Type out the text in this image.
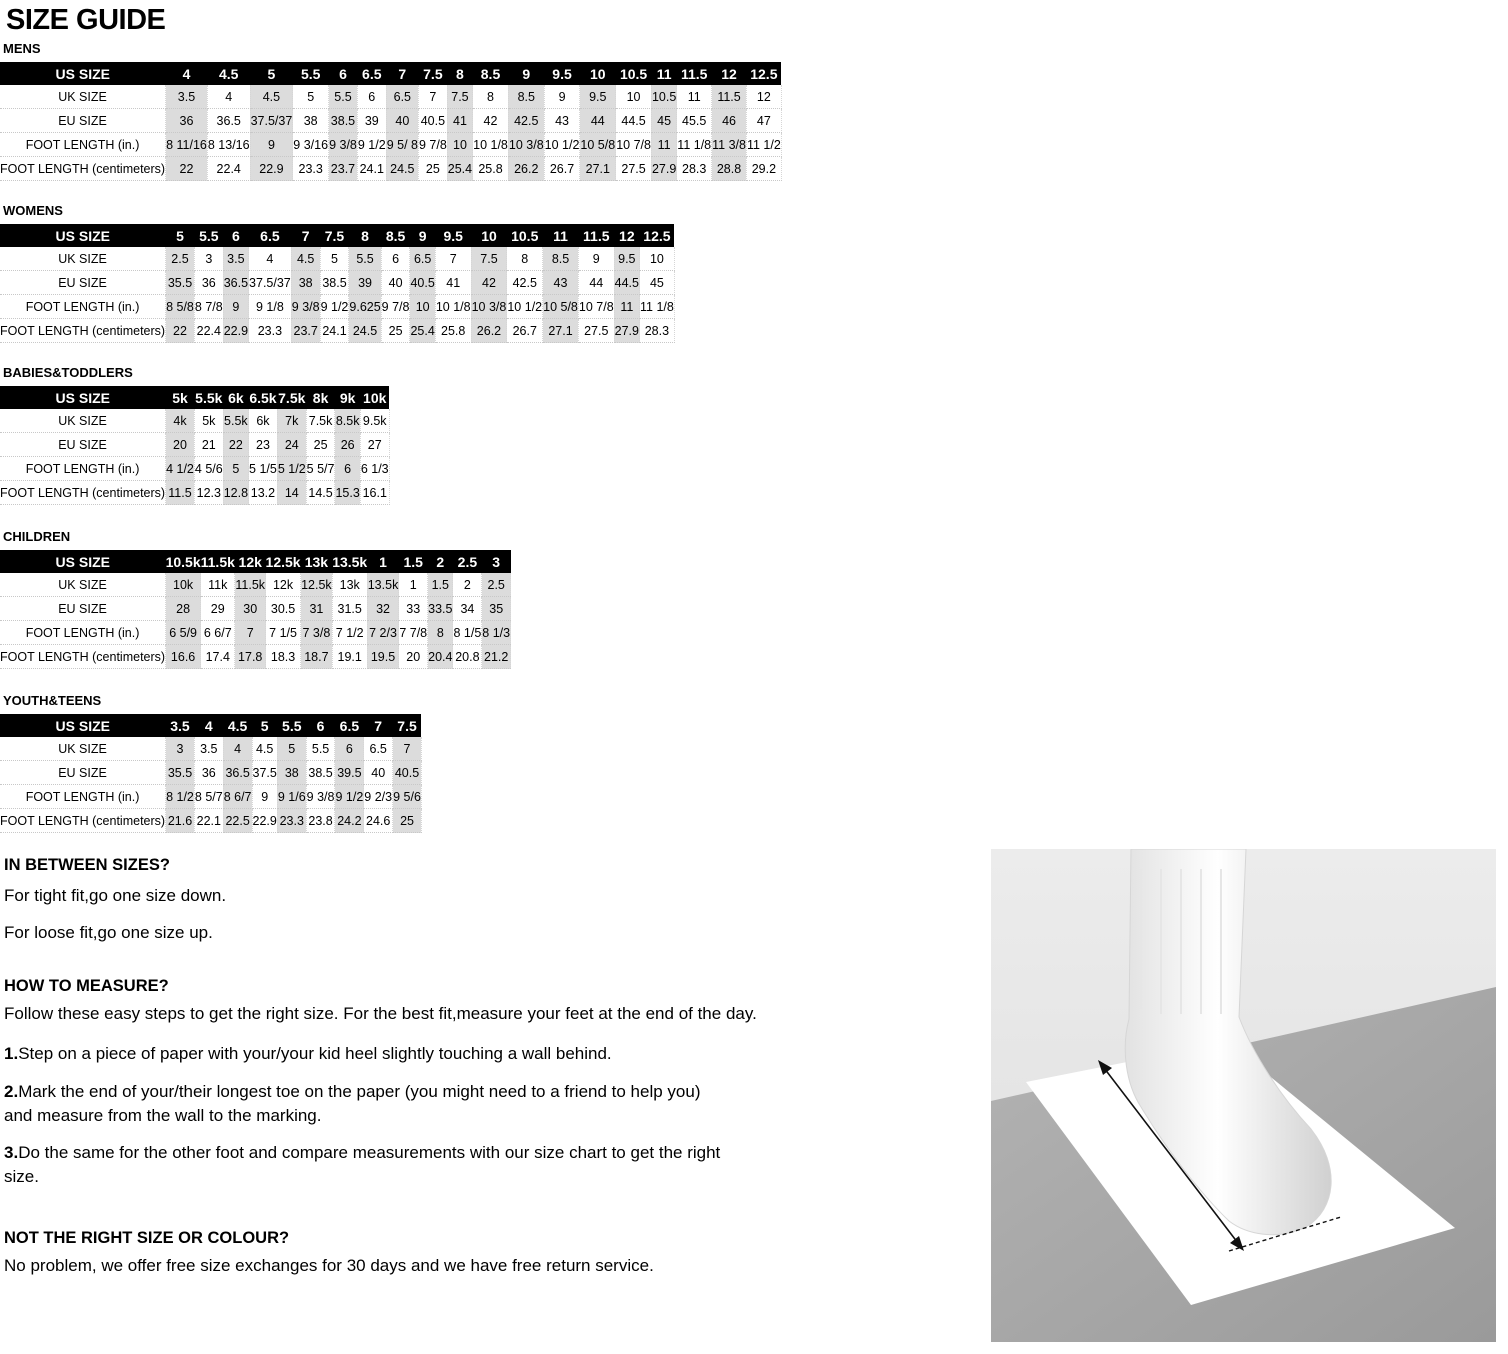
SIZE GUIDE
MENS
US SIZE	4	4.5	5	5.5	6	6.5	7	7.5	8	8.5	9	9.5	10	10.5	11	11.5	12	12.5
UK SIZE	3.5	4	4.5	5	5.5	6	6.5	7	7.5	8	8.5	9	9.5	10	10.5	11	11.5	12
EU SIZE	36	36.5	37.5/37	38	38.5	39	40	40.5	41	42	42.5	43	44	44.5	45	45.5	46	47
FOOT LENGTH (in.)	8 11/16	8 13/16	9	9 3/16	9 3/8	9 1/2	9 5/ 8	9 7/8	10	10 1/8	10 3/8	10 1/2	10 5/8	10 7/8	11	11 1/8	11 3/8	11 1/2
FOOT LENGTH (centimeters)	22	22.4	22.9	23.3	23.7	24.1	24.5	25	25.4	25.8	26.2	26.7	27.1	27.5	27.9	28.3	28.8	29.2
WOMENS
US SIZE	5	5.5	6	6.5	7	7.5	8	8.5	9	9.5	10	10.5	11	11.5	12	12.5
UK SIZE	2.5	3	3.5	4	4.5	5	5.5	6	6.5	7	7.5	8	8.5	9	9.5	10
EU SIZE	35.5	36	36.5	37.5/37	38	38.5	39	40	40.5	41	42	42.5	43	44	44.5	45
FOOT LENGTH (in.)	8 5/8	8 7/8	9	9 1/8	9 3/8	9 1/2	9.625	9 7/8	10	10 1/8	10 3/8	10 1/2	10 5/8	10 7/8	11	11 1/8
FOOT LENGTH (centimeters)	22	22.4	22.9	23.3	23.7	24.1	24.5	25	25.4	25.8	26.2	26.7	27.1	27.5	27.9	28.3
BABIES&TODDLERS
US SIZE	5k	5.5k	6k	6.5k	7.5k	8k	9k	10k
UK SIZE	4k	5k	5.5k	6k	7k	7.5k	8.5k	9.5k
EU SIZE	20	21	22	23	24	25	26	27
FOOT LENGTH (in.)	4 1/2	4 5/6	5	5 1/5	5 1/2	5 5/7	6	6 1/3
FOOT LENGTH (centimeters)	11.5	12.3	12.8	13.2	14	14.5	15.3	16.1
CHILDREN
US SIZE	10.5k	11.5k	12k	12.5k	13k	13.5k	1	1.5	2	2.5	3
UK SIZE	10k	11k	11.5k	12k	12.5k	13k	13.5k	1	1.5	2	2.5
EU SIZE	28	29	30	30.5	31	31.5	32	33	33.5	34	35
FOOT LENGTH (in.)	6 5/9	6 6/7	7	7 1/5	7 3/8	7 1/2	7 2/3	7 7/8	8	8 1/5	8 1/3
FOOT LENGTH (centimeters)	16.6	17.4	17.8	18.3	18.7	19.1	19.5	20	20.4	20.8	21.2
YOUTH&TEENS
US SIZE	3.5	4	4.5	5	5.5	6	6.5	7	7.5
UK SIZE	3	3.5	4	4.5	5	5.5	6	6.5	7
EU SIZE	35.5	36	36.5	37.5	38	38.5	39.5	40	40.5
FOOT LENGTH (in.)	8 1/2	8 5/7	8 6/7	9	9 1/6	9 3/8	9 1/2	9 2/3	9 5/6
FOOT LENGTH (centimeters)	21.6	22.1	22.5	22.9	23.3	23.8	24.2	24.6	25
IN BETWEEN SIZES?

For tight fit,go one size down.

For loose fit,go one size up.

HOW TO MEASURE?

Follow these easy steps to get the right size. For the best fit,measure your feet at the end of the day.

1.Step on a piece of paper with your/your kid heel slightly touching a wall behind.

2.Mark the end of your/their longest toe on the paper (you might need to a friend to help you)
and measure from the wall to the marking.

3.Do the same for the other foot and compare measurements with our size chart to get the right
size.

NOT THE RIGHT SIZE OR COLOUR?

No problem, we offer free size exchanges for 30 days and we have free return service.
